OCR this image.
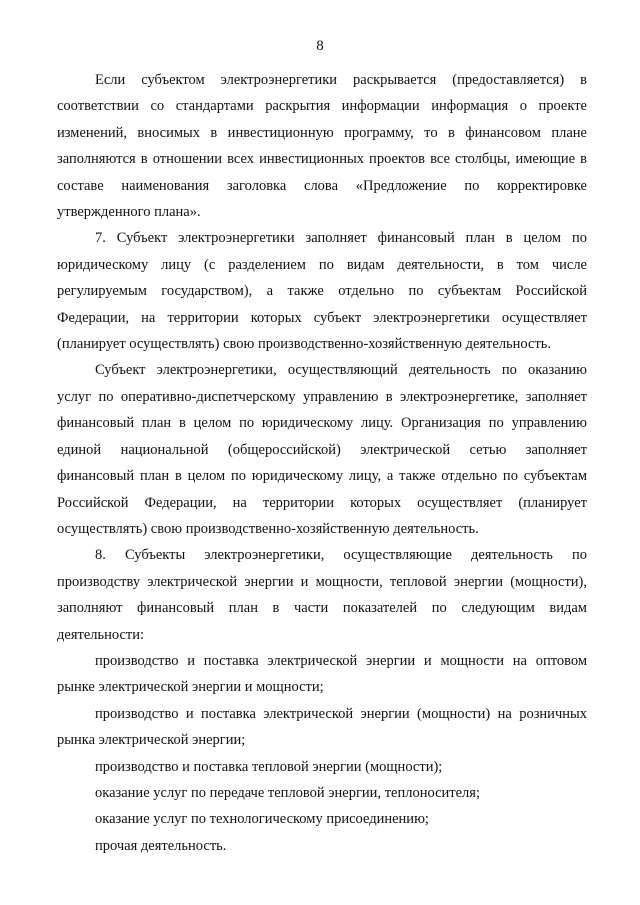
8

Если субъектом электроэнергетики раскрывается (предоставляется) в соответствии со стандартами раскрытия информации информация о проекте изменений, вносимых в инвестиционную программу, то в финансовом плане заполняются в отношении всех инвестиционных проектов все столбцы, имеющие в составе наименования заголовка слова «Предложение по корректировке утвержденного плана».

7. Субъект электроэнергетики заполняет финансовый план в целом по юридическому лицу (с разделением по видам деятельности, в том числе регулируемым государством), а также отдельно по субъектам Российской Федерации, на территории которых субъект электроэнергетики осуществляет (планирует осуществлять) свою производственно-хозяйственную деятельность.

Субъект электроэнергетики, осуществляющий деятельность по оказанию услуг по оперативно-диспетчерскому управлению в электроэнергетике, заполняет финансовый план в целом по юридическому лицу. Организация по управлению единой национальной (общероссийской) электрической сетью заполняет финансовый план в целом по юридическому лицу, а также отдельно по субъектам Российской Федерации, на территории которых осуществляет (планирует осуществлять) свою производственно-хозяйственную деятельность.

8. Субъекты электроэнергетики, осуществляющие деятельность по производству электрической энергии и мощности, тепловой энергии (мощности), заполняют финансовый план в части показателей по следующим видам деятельности:

производство и поставка электрической энергии и мощности на оптовом рынке электрической энергии и мощности;

производство и поставка электрической энергии (мощности) на розничных рынка электрической энергии;

производство и поставка тепловой энергии (мощности);

оказание услуг по передаче тепловой энергии, теплоносителя;

оказание услуг по технологическому присоединению;

прочая деятельность.
